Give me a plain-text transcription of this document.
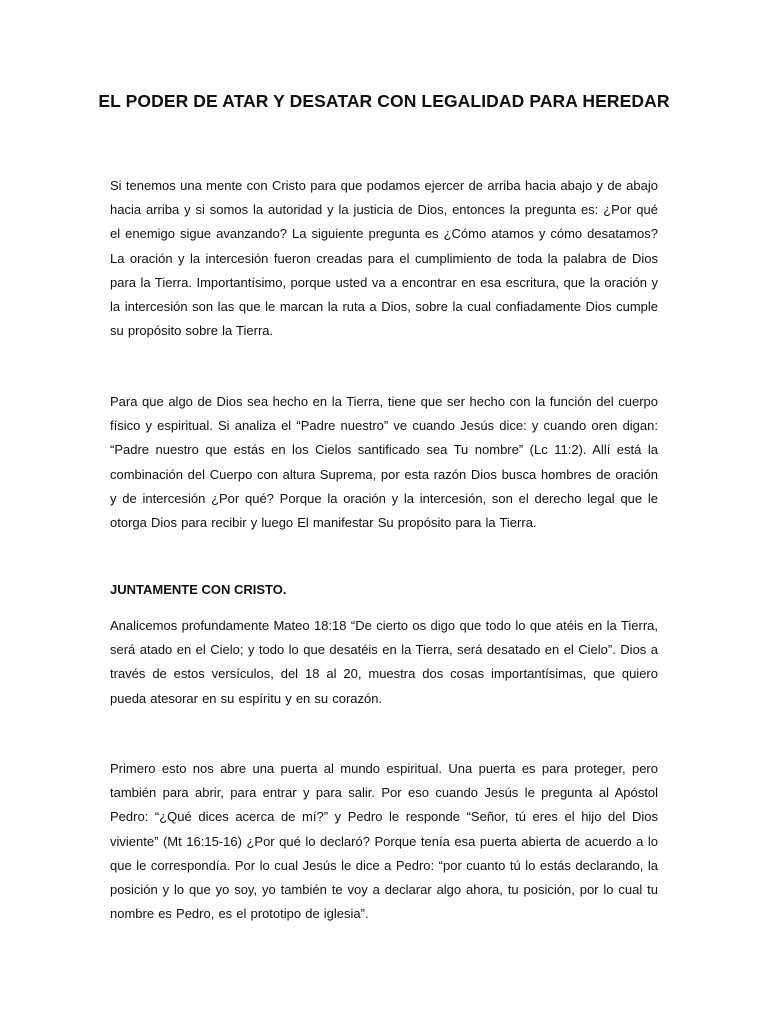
EL PODER DE ATAR Y DESATAR CON LEGALIDAD PARA HEREDAR

Si tenemos una mente con Cristo para que podamos ejercer de arriba hacia abajo y de abajo hacia arriba y si somos la autoridad y la justicia de Dios, entonces la pregunta es: ¿Por qué el enemigo sigue avanzando? La siguiente pregunta es ¿Cómo atamos y cómo desatamos? La oración y la intercesión fueron creadas para el cumplimiento de toda la palabra de Dios para la Tierra. Importantísimo, porque usted va a encontrar en esa escritura, que la oración y la intercesión son las que le marcan la ruta a Dios, sobre la cual confiadamente Dios cumple su propósito sobre la Tierra.

Para que algo de Dios sea hecho en la Tierra, tiene que ser hecho con la función del cuerpo físico y espiritual. Si analiza el “Padre nuestro” ve cuando Jesús dice: y cuando oren digan: “Padre nuestro que estás en los Cielos santificado sea Tu nombre” (Lc 11:2). Allí está la combinación del Cuerpo con altura Suprema, por esta razón Dios busca hombres de oración y de intercesión ¿Por qué? Porque la oración y la intercesión, son el derecho legal que le otorga Dios para recibir y luego El manifestar Su propósito para la Tierra.

JUNTAMENTE CON CRISTO.

Analicemos profundamente Mateo 18:18 “De cierto os digo que todo lo que atéis en la Tierra, será atado en el Cielo; y todo lo que desatéis en la Tierra, será desatado en el Cielo”. Dios a través de estos versículos, del 18 al 20, muestra dos cosas importantísimas, que quiero pueda atesorar en su espíritu y en su corazón.

Primero esto nos abre una puerta al mundo espiritual. Una puerta es para proteger, pero también para abrir, para entrar y para salir. Por eso cuando Jesús le pregunta al Apóstol Pedro: “¿Qué dices acerca de mí?” y Pedro le responde “Señor, tú eres el hijo del Dios viviente” (Mt 16:15-16) ¿Por qué lo declaró? Porque tenía esa puerta abierta de acuerdo a lo que le correspondía. Por lo cual Jesús le dice a Pedro: “por cuanto tú lo estás declarando, la posición y lo que yo soy, yo también te voy a declarar algo ahora, tu posición, por lo cual tu nombre es Pedro, es el prototipo de iglesia”.
